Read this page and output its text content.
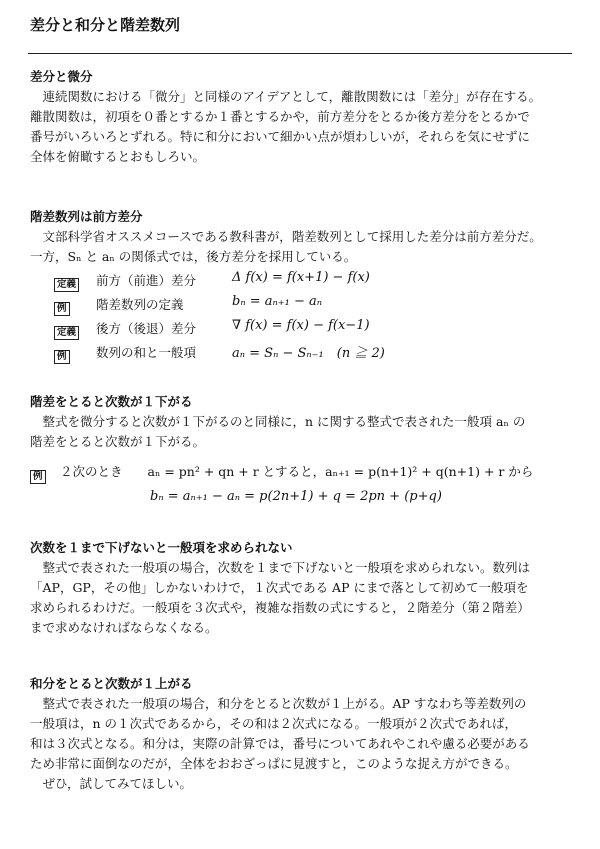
差分と和分と階差数列
差分と微分
　連続関数における「微分」と同様のアイデアとして，離散関数には「差分」が存在する。
離散関数は，初項を０番とするか１番とするかや，前方差分をとるか後方差分をとるかで
番号がいろいろとずれる。特に和分において細かい点が煩わしいが，それらを気にせずに
全体を俯瞰するとおもしろい。
階差数列は前方差分
　文部科学省オススメコースである教科書が，階差数列として採用した差分は前方差分だ。
一方，Sₙ と aₙ の関係式では，後方差分を採用している。
定義 前方（前進）差分	Δ f(x) = f(x+1) − f(x)
例 階差数列の定義	bₙ = aₙ₊₁ − aₙ
定義 後方（後退）差分	∇ f(x) = f(x) − f(x−1)
例 数列の和と一般項	aₙ = Sₙ − Sₙ₋₁　(n ≧ 2)
階差をとると次数が１下がる
　整式を微分すると次数が１下がるのと同様に，n に関する整式で表された一般項 aₙ の
階差をとると次数が１下がる。
例 ２次のとき　　aₙ = pn² + qn + r とすると，aₙ₊₁ = p(n+1)² + q(n+1) + r から
bₙ = aₙ₊₁ − aₙ = p(2n+1) + q = 2pn + (p+q)
次数を１まで下げないと一般項を求められない
　整式で表された一般項の場合，次数を１まで下げないと一般項を求められない。数列は
「AP，GP，その他」しかないわけで，１次式である AP にまで落として初めて一般項を
求められるわけだ。一般項を３次式や，複雑な指数の式にすると，２階差分（第２階差）
まで求めなければならなくなる。
和分をとると次数が１上がる
　整式で表された一般項の場合，和分をとると次数が１上がる。AP すなわち等差数列の
一般項は，n の１次式であるから，その和は２次式になる。一般項が２次式であれば，
和は３次式となる。和分は，実際の計算では，番号についてあれやこれや慮る必要がある
ため非常に面倒なのだが，全体をおおざっぱに見渡すと，このような捉え方ができる。
　ぜひ，試してみてほしい。
